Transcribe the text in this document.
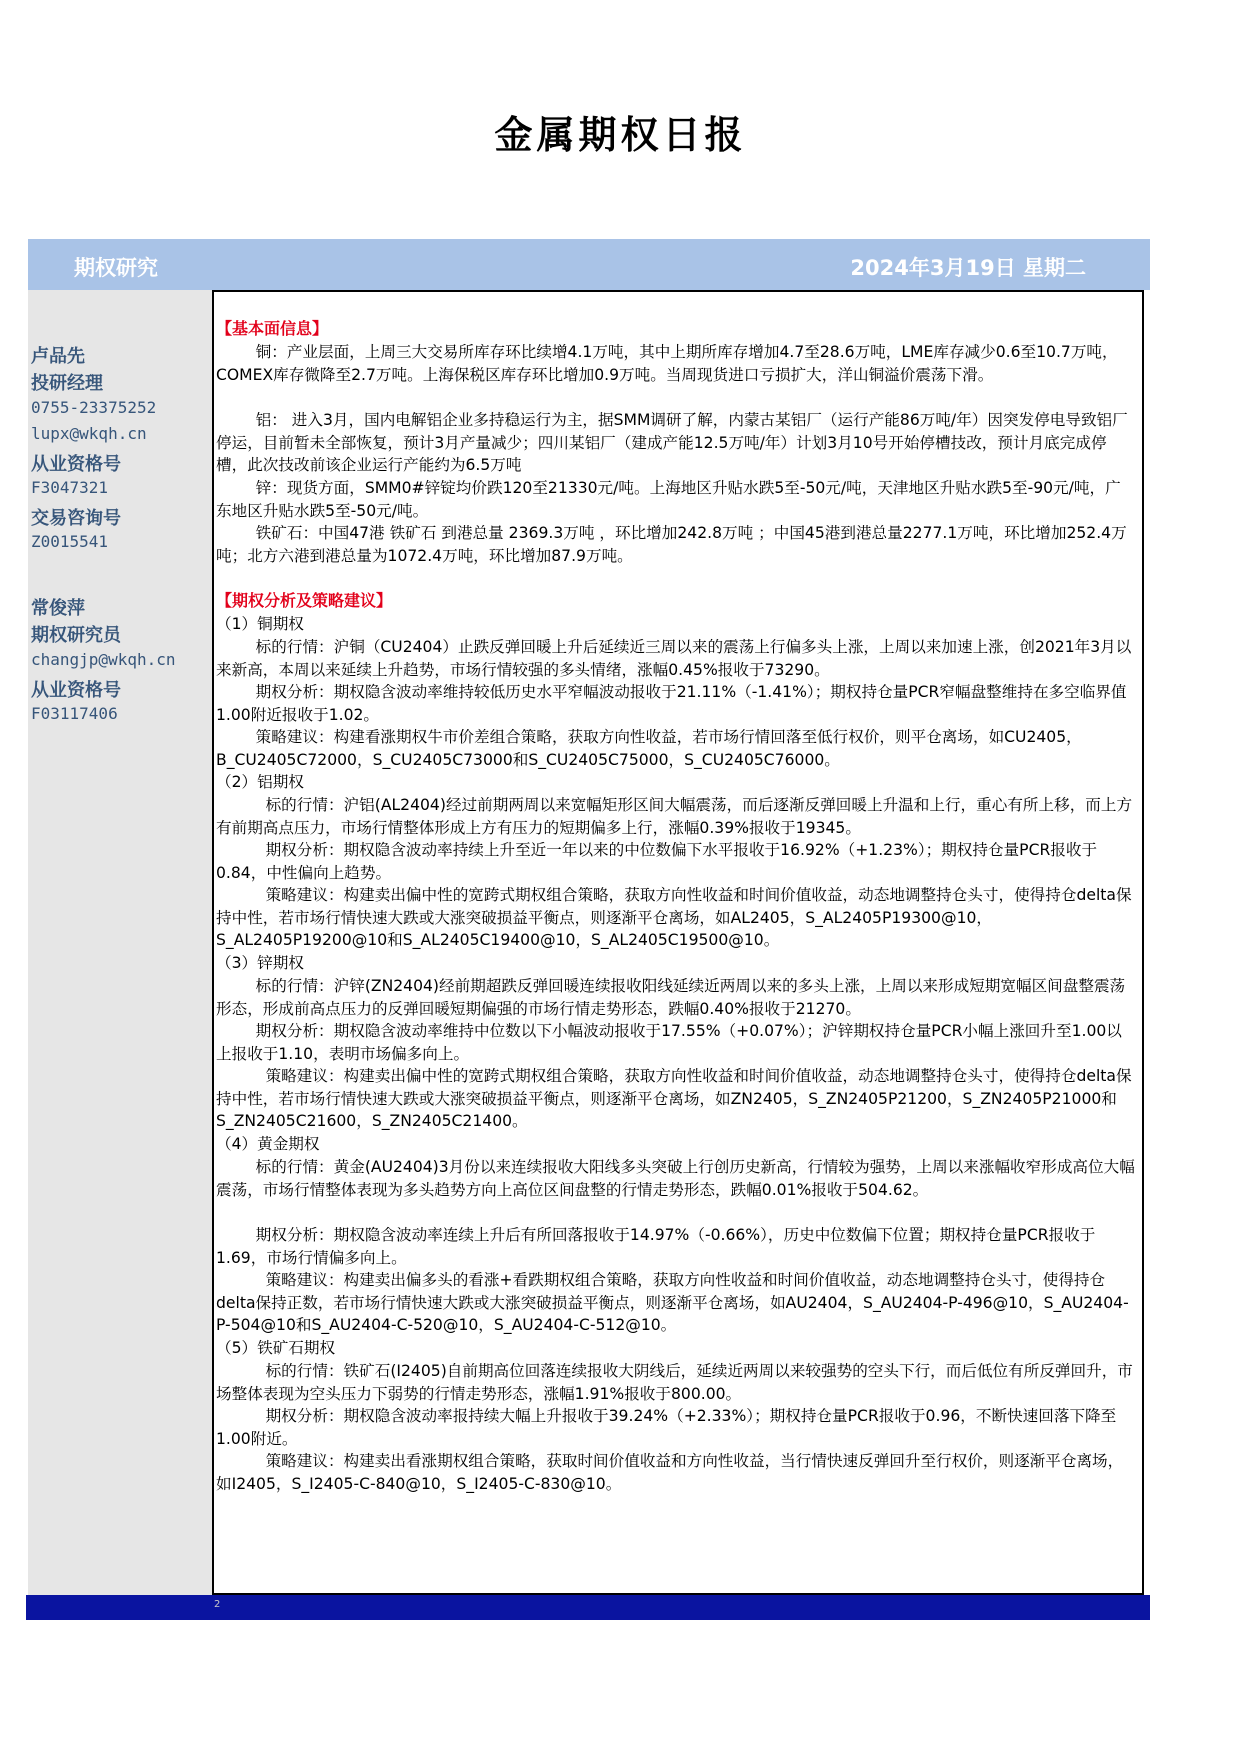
金属期权日报
期权研究	2024年3月19日 星期二
卢品先
投研经理
0755-23375252
lupx@wkqh.cn
从业资格号
F3047321
交易咨询号
Z0015541
常俊萍
期权研究员
changjp@wkqh.cn
从业资格号
F03117406
【基本面信息】

铜：产业层面，上周三大交易所库存环比续增4.1万吨，其中上期所库存增加4.7至28.6万吨，LME库存减少0.6至10.7万吨，COMEX库存微降至2.7万吨。上海保税区库存环比增加0.9万吨。当周现货进口亏损扩大，洋山铜溢价震荡下滑。

铝： 进入3月，国内电解铝企业多持稳运行为主，据SMM调研了解，内蒙古某铝厂（运行产能86万吨/年）因突发停电导致铝厂停运，目前暂未全部恢复，预计3月产量减少；四川某铝厂（建成产能12.5万吨/年）计划3月10号开始停槽技改，预计月底完成停槽，此次技改前该企业运行产能约为6.5万吨

锌：现货方面，SMM0#锌锭均价跌120至21330元/吨。上海地区升贴水跌5至-50元/吨，天津地区升贴水跌5至-90元/吨，广东地区升贴水跌5至-50元/吨。

铁矿石：中国47港 铁矿石 到港总量 2369.3万吨 ，环比增加242.8万吨 ；中国45港到港总量2277.1万吨，环比增加252.4万吨；北方六港到港总量为1072.4万吨，环比增加87.9万吨。

【期权分析及策略建议】
（1）铜期权

标的行情：沪铜（CU2404）止跌反弹回暖上升后延续近三周以来的震荡上行偏多头上涨，上周以来加速上涨，创2021年3月以来新高，本周以来延续上升趋势，市场行情较强的多头情绪，涨幅0.45%报收于73290。

期权分析：期权隐含波动率维持较低历史水平窄幅波动报收于21.11%（-1.41%）；期权持仓量PCR窄幅盘整维持在多空临界值1.00附近报收于1.02。

策略建议：构建看涨期权牛市价差组合策略，获取方向性收益，若市场行情回落至低行权价，则平仓离场，如CU2405，B_CU2405C72000，S_CU2405C73000和S_CU2405C75000，S_CU2405C76000。

（2）铝期权

标的行情：沪铝(AL2404)经过前期两周以来宽幅矩形区间大幅震荡，而后逐渐反弹回暖上升温和上行，重心有所上移，而上方有前期高点压力，市场行情整体形成上方有压力的短期偏多上行，涨幅0.39%报收于19345。

期权分析：期权隐含波动率持续上升至近一年以来的中位数偏下水平报收于16.92%（+1.23%）；期权持仓量PCR报收于0.84，中性偏向上趋势。

策略建议：构建卖出偏中性的宽跨式期权组合策略，获取方向性收益和时间价值收益，动态地调整持仓头寸，使得持仓delta保持中性，若市场行情快速大跌或大涨突破损益平衡点，则逐渐平仓离场，如AL2405，S_AL2405P19300@10，S_AL2405P19200@10和S_AL2405C19400@10，S_AL2405C19500@10。

（3）锌期权

标的行情：沪锌(ZN2404)经前期超跌反弹回暖连续报收阳线延续近两周以来的多头上涨，上周以来形成短期宽幅区间盘整震荡形态，形成前高点压力的反弹回暖短期偏强的市场行情走势形态，跌幅0.40%报收于21270。

期权分析：期权隐含波动率维持中位数以下小幅波动报收于17.55%（+0.07%）；沪锌期权持仓量PCR小幅上涨回升至1.00以上报收于1.10，表明市场偏多向上。

策略建议：构建卖出偏中性的宽跨式期权组合策略，获取方向性收益和时间价值收益，动态地调整持仓头寸，使得持仓delta保持中性，若市场行情快速大跌或大涨突破损益平衡点，则逐渐平仓离场，如ZN2405，S_ZN2405P21200，S_ZN2405P21000和S_ZN2405C21600，S_ZN2405C21400。

（4）黄金期权

标的行情：黄金(AU2404)3月份以来连续报收大阳线多头突破上行创历史新高，行情较为强势，上周以来涨幅收窄形成高位大幅震荡，市场行情整体表现为多头趋势方向上高位区间盘整的行情走势形态，跌幅0.01%报收于504.62。

期权分析：期权隐含波动率连续上升后有所回落报收于14.97%（-0.66%），历史中位数偏下位置；期权持仓量PCR报收于1.69，市场行情偏多向上。

策略建议：构建卖出偏多头的看涨+看跌期权组合策略，获取方向性收益和时间价值收益，动态地调整持仓头寸，使得持仓delta保持正数，若市场行情快速大跌或大涨突破损益平衡点，则逐渐平仓离场，如AU2404，S_AU2404-P-496@10，S_AU2404-P-504@10和S_AU2404-C-520@10，S_AU2404-C-512@10。

（5）铁矿石期权

标的行情：铁矿石(I2405)自前期高位回落连续报收大阴线后，延续近两周以来较强势的空头下行，而后低位有所反弹回升，市场整体表现为空头压力下弱势的行情走势形态，涨幅1.91%报收于800.00。

期权分析：期权隐含波动率报持续大幅上升报收于39.24%（+2.33%）；期权持仓量PCR报收于0.96，不断快速回落下降至1.00附近。

策略建议：构建卖出看涨期权组合策略，获取时间价值收益和方向性收益，当行情快速反弹回升至行权价，则逐渐平仓离场，如I2405，S_I2405-C-840@10，S_I2405-C-830@10。

2
